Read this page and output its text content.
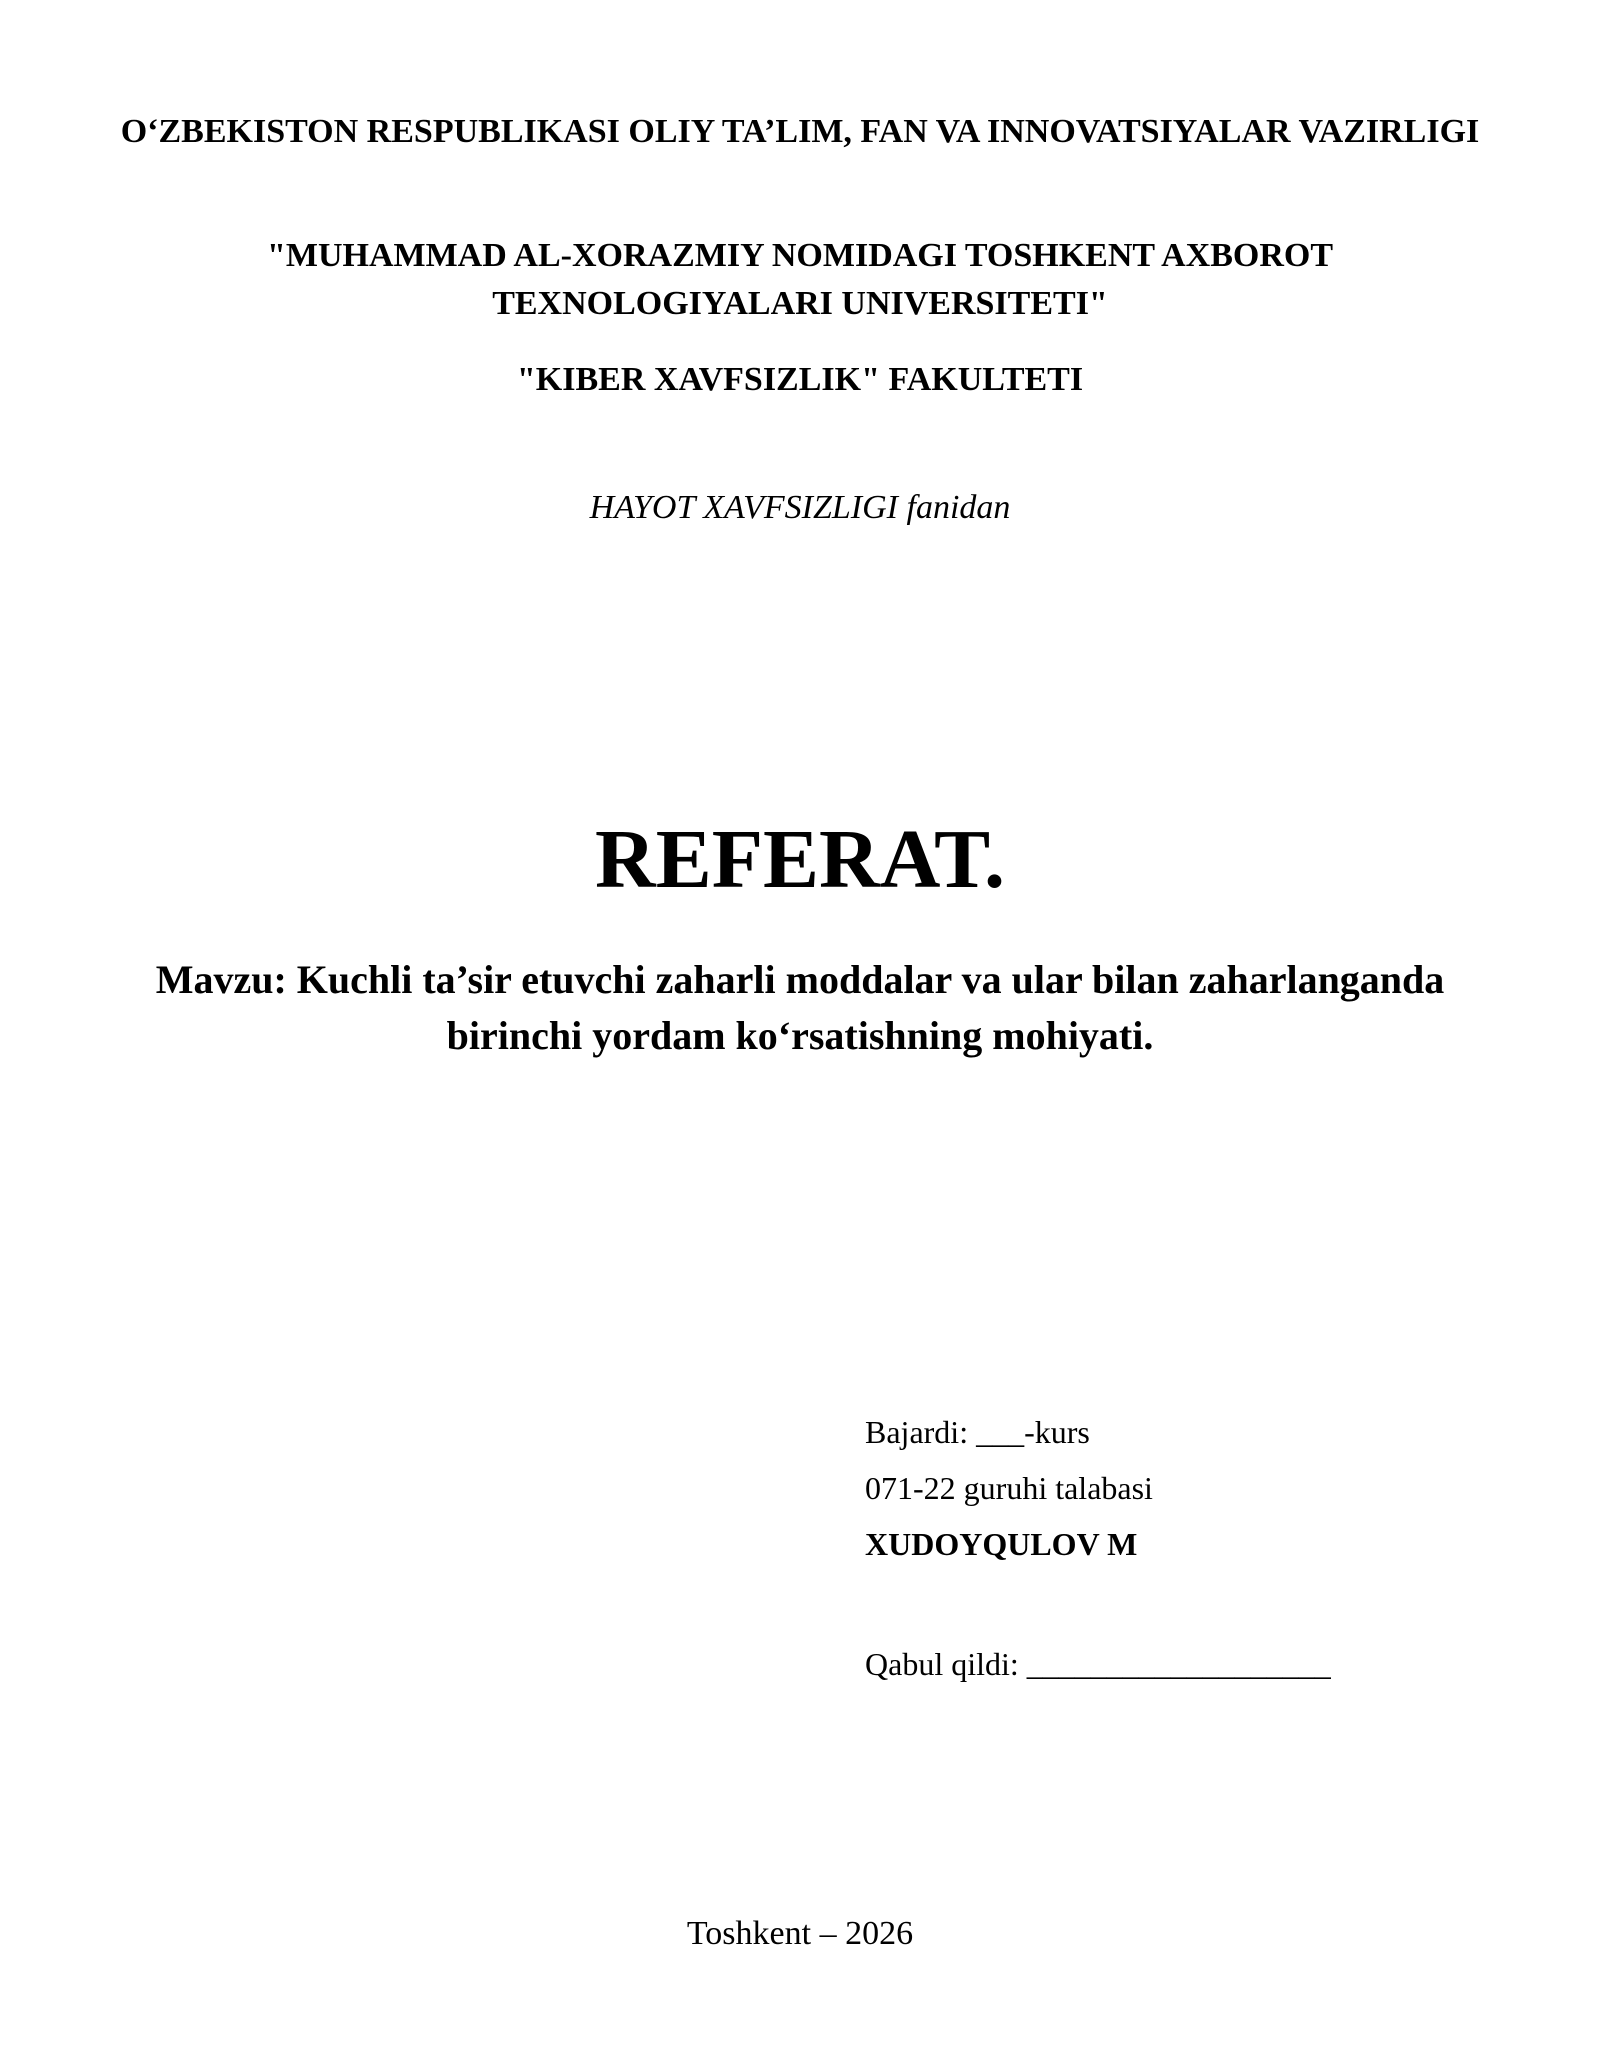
O‘ZBEKISTON RESPUBLIKASI OLIY TA’LIM, FAN VA INNOVATSIYALAR VAZIRLIGI
"MUHAMMAD AL-XORAZMIY NOMIDAGI TOSHKENT AXBOROT TEXNOLOGIYALARI UNIVERSITETI"
"KIBER XAVFSIZLIK" FAKULTETI
HAYOT XAVFSIZLIGI fanidan
REFERAT.
Mavzu: Kuchli ta’sir etuvchi zaharli moddalar va ular bilan zaharlanganda birinchi yordam ko‘rsatishning mohiyati.
Bajardi: ___-kurs
071-22 guruhi talabasi
XUDOYQULOV M
Qabul qildi: ___________________
Toshkent – 2026
